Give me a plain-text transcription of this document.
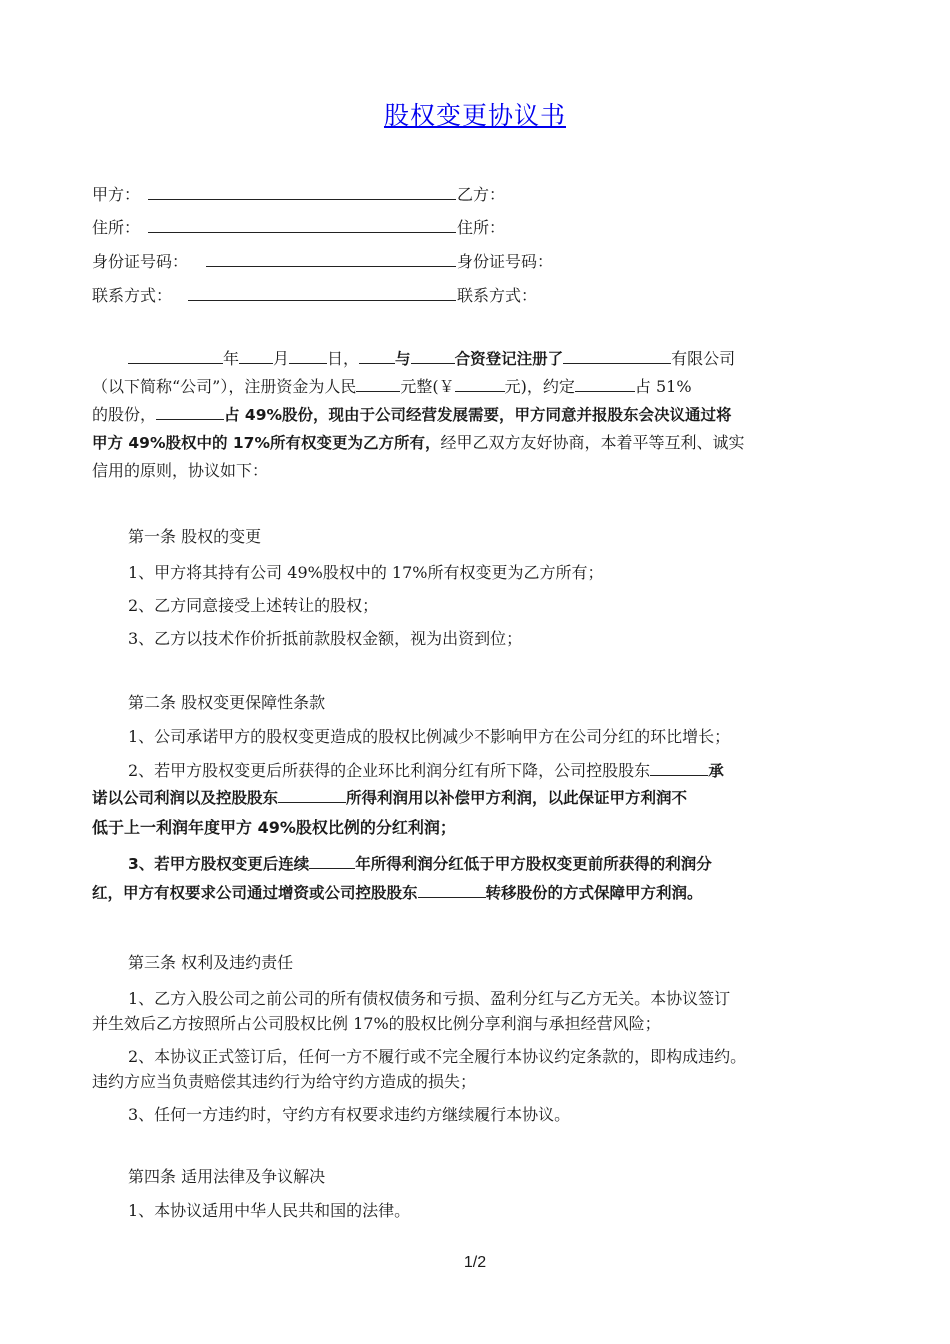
股权变更协议书
甲方：	乙方：
住所：	住所：
身份证号码：	身份证号码：
联系方式：	联系方式：
年 月 日， 与	合资登记注册了	有限公司
（以下简称“公司”），注册资金为人民	元整(￥	元)，约定	占 51%
的股份，	占 49%股份，现由于公司经营发展需要，甲方同意并报股东会决议通过将
甲方 49%股权中的 17%所有权变更为乙方所有，经甲乙双方友好协商，本着平等互利、诚实
信用的原则，协议如下：
第一条 股权的变更
1、甲方将其持有公司 49%股权中的 17%所有权变更为乙方所有；
2、乙方同意接受上述转让的股权；
3、乙方以技术作价折抵前款股权金额，视为出资到位；
第二条 股权变更保障性条款
1、公司承诺甲方的股权变更造成的股权比例减少不影响甲方在公司分红的环比增长；
2、若甲方股权变更后所获得的企业环比利润分红有所下降，公司控股股东	承
诺以公司利润以及控股股东	所得利润用以补偿甲方利润，以此保证甲方利润不
低于上一利润年度甲方 49%股权比例的分红利润；
3、若甲方股权变更后连续	年所得利润分红低于甲方股权变更前所获得的利润分
红，甲方有权要求公司通过增资或公司控股股东	转移股份的方式保障甲方利润。
第三条 权利及违约责任
1、乙方入股公司之前公司的所有债权债务和亏损、盈利分红与乙方无关。本协议签订
并生效后乙方按照所占公司股权比例 17%的股权比例分享利润与承担经营风险；
2、本协议正式签订后，任何一方不履行或不完全履行本协议约定条款的，即构成违约。
违约方应当负责赔偿其违约行为给守约方造成的损失；
3、任何一方违约时，守约方有权要求违约方继续履行本协议。
第四条 适用法律及争议解决
1、本协议适用中华人民共和国的法律。
1/2
